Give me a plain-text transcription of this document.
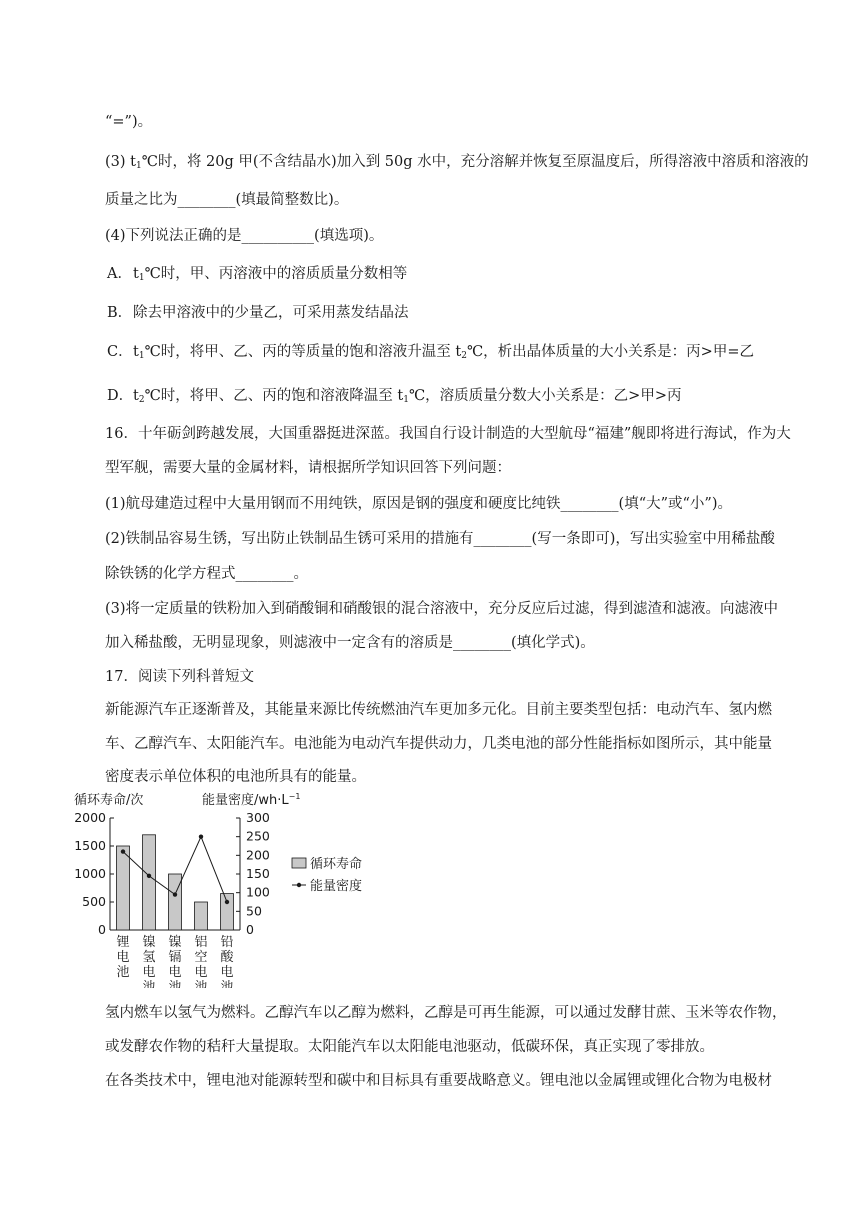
“=”)。
(3) $t_1℃$时，将 20g 甲(不含结晶水)加入到 50g 水中，充分溶解并恢复至原温度后，所得溶液中溶质和溶液的
质量之比为________(填最简整数比)。
(4)下列说法正确的是__________(填选项)。
A．$t_1℃$时，甲、丙溶液中的溶质质量分数相等
B．除去甲溶液中的少量乙，可采用蒸发结晶法
C．$t_1℃$时，将甲、乙、丙的等质量的饱和溶液升温至 $t_2℃$，析出晶体质量的大小关系是：丙>甲=乙
D．$t_2℃$时，将甲、乙、丙的饱和溶液降温至 $t_1℃$，溶质质量分数大小关系是：乙>甲>丙
16．十年砺剑跨越发展，大国重器挺进深蓝。我国自行设计制造的大型航母“福建”舰即将进行海试，作为大
型军舰，需要大量的金属材料，请根据所学知识回答下列问题：
(1)航母建造过程中大量用钢而不用纯铁，原因是钢的强度和硬度比纯铁________(填“大”或“小”)。
(2)铁制品容易生锈，写出防止铁制品生锈可采用的措施有________(写一条即可)，写出实验室中用稀盐酸
除铁锈的化学方程式________。
(3)将一定质量的铁粉加入到硝酸铜和硝酸银的混合溶液中，充分反应后过滤，得到滤渣和滤液。向滤液中
加入稀盐酸，无明显现象，则滤液中一定含有的溶质是________(填化学式)。
17．阅读下列科普短文
新能源汽车正逐渐普及，其能量来源比传统燃油汽车更加多元化。目前主要类型包括：电动汽车、氢内燃
车、乙醇汽车、太阳能汽车。电池能为电动汽车提供动力，几类电池的部分性能指标如图所示，其中能量
密度表示单位体积的电池所具有的能量。
循环寿命/次	能量密度$/wh\cdot L^{-1}$
0
500
1000
1500
2000
0
50
100
150
200
250
300
锂
电
池
镍
氢
电
池
镍
镉
电
池
铝
空
电
池
铅
酸
电
池
循环寿命
能量密度
氢内燃车以氢气为燃料。乙醇汽车以乙醇为燃料，乙醇是可再生能源，可以通过发酵甘蔗、玉米等农作物，
或发酵农作物的秸秆大量提取。太阳能汽车以太阳能电池驱动，低碳环保，真正实现了零排放。
在各类技术中，锂电池对能源转型和碳中和目标具有重要战略意义。锂电池以金属锂或锂化合物为电极材
